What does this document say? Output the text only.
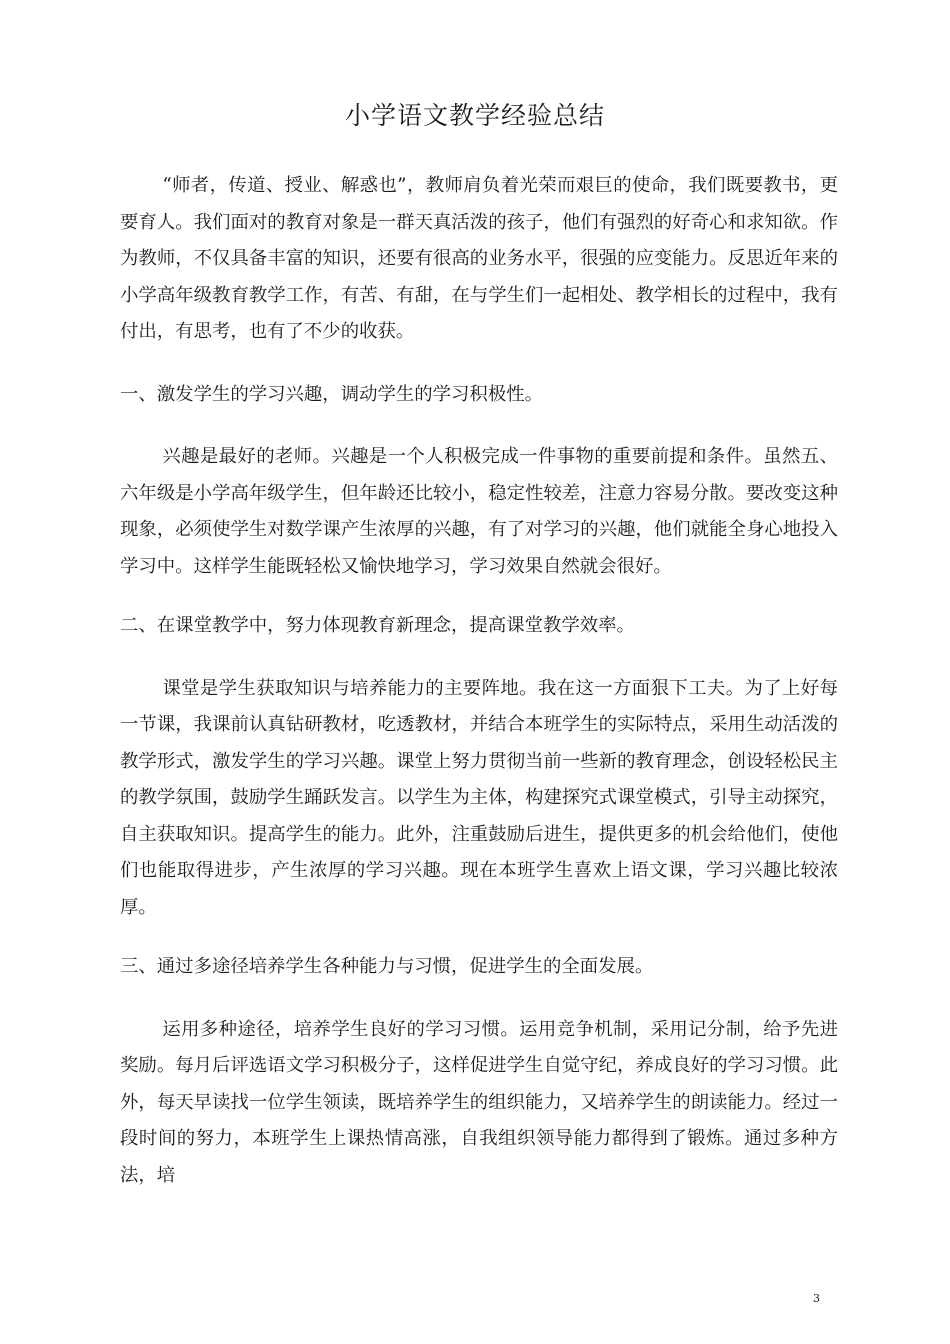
小学语文教学经验总结

“师者，传道、授业、解惑也”，教师肩负着光荣而艰巨的使命，我们既要教书，更要育人。我们面对的教育对象是一群天真活泼的孩子，他们有强烈的好奇心和求知欲。作为教师，不仅具备丰富的知识，还要有很高的业务水平，很强的应变能力。反思近年来的小学高年级教育教学工作，有苦、有甜，在与学生们一起相处、教学相长的过程中，我有付出，有思考，也有了不少的收获。

一、激发学生的学习兴趣，调动学生的学习积极性。

兴趣是最好的老师。兴趣是一个人积极完成一件事物的重要前提和条件。虽然五、六年级是小学高年级学生，但年龄还比较小，稳定性较差，注意力容易分散。要改变这种现象，必须使学生对数学课产生浓厚的兴趣，有了对学习的兴趣，他们就能全身心地投入学习中。这样学生能既轻松又愉快地学习，学习效果自然就会很好。

二、在课堂教学中，努力体现教育新理念，提高课堂教学效率。

课堂是学生获取知识与培养能力的主要阵地。我在这一方面狠下工夫。为了上好每一节课，我课前认真钻研教材，吃透教材，并结合本班学生的实际特点，采用生动活泼的教学形式，激发学生的学习兴趣。课堂上努力贯彻当前一些新的教育理念，创设轻松民主的教学氛围，鼓励学生踊跃发言。以学生为主体，构建探究式课堂模式，引导主动探究，自主获取知识。提高学生的能力。此外，注重鼓励后进生，提供更多的机会给他们，使他们也能取得进步，产生浓厚的学习兴趣。现在本班学生喜欢上语文课，学习兴趣比较浓厚。

三、通过多途径培养学生各种能力与习惯，促进学生的全面发展。

运用多种途径，培养学生良好的学习习惯。运用竞争机制，采用记分制，给予先进奖励。每月后评选语文学习积极分子，这样促进学生自觉守纪，养成良好的学习习惯。此外，每天早读找一位学生领读，既培养学生的组织能力，又培养学生的朗读能力。经过一段时间的努力，本班学生上课热情高涨，自我组织领导能力都得到了锻炼。通过多种方法，培

3
